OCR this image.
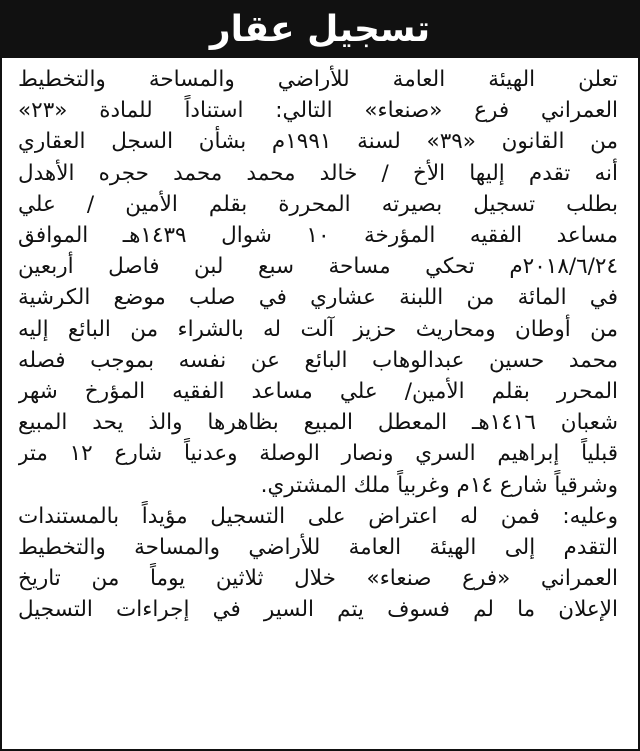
تسجيل عقار
تعلن الهيئة العامة للأراضي والمساحة والتخطيط
العمراني فرع «صنعاء» التالي: استناداً للمادة «٢٣»
من القانون «٣٩» لسنة ١٩٩١م بشأن السجل العقاري
أنه تقدم إليها الأخ / خالد محمد محمد حجره الأهدل
بطلب تسجيل بصيرته المحررة بقلم الأمين / علي
مساعد الفقيه المؤرخة ١٠ شوال ١٤٣٩هـ الموافق
٢٠١٨/٦/٢٤م تحكي مساحة سبع لبن فاصل أربعين
في المائة من اللبنة عشاري في صلب موضع الكرشية
من أوطان ومحاريث حزيز آلت له بالشراء من البائع إليه
محمد حسين عبدالوهاب البائع عن نفسه بموجب فصله
المحرر بقلم الأمين/ علي مساعد الفقيه المؤرخ شهر
شعبان ١٤١٦هـ المعطل المبيع بظاهرها والذ يحد المبيع
قبلياً إبراهيم السري ونصار الوصلة وعدنياً شارع ١٢ متر
وشرقياً شارع ١٤م وغربياً ملك المشتري.
وعليه: فمن له اعتراض على التسجيل مؤيداً بالمستندات
التقدم إلى الهيئة العامة للأراضي والمساحة والتخطيط
العمراني «فرع صنعاء» خلال ثلاثين يوماً من تاريخ
الإعلان ما لم فسوف يتم السير في إجراءات التسجيل
